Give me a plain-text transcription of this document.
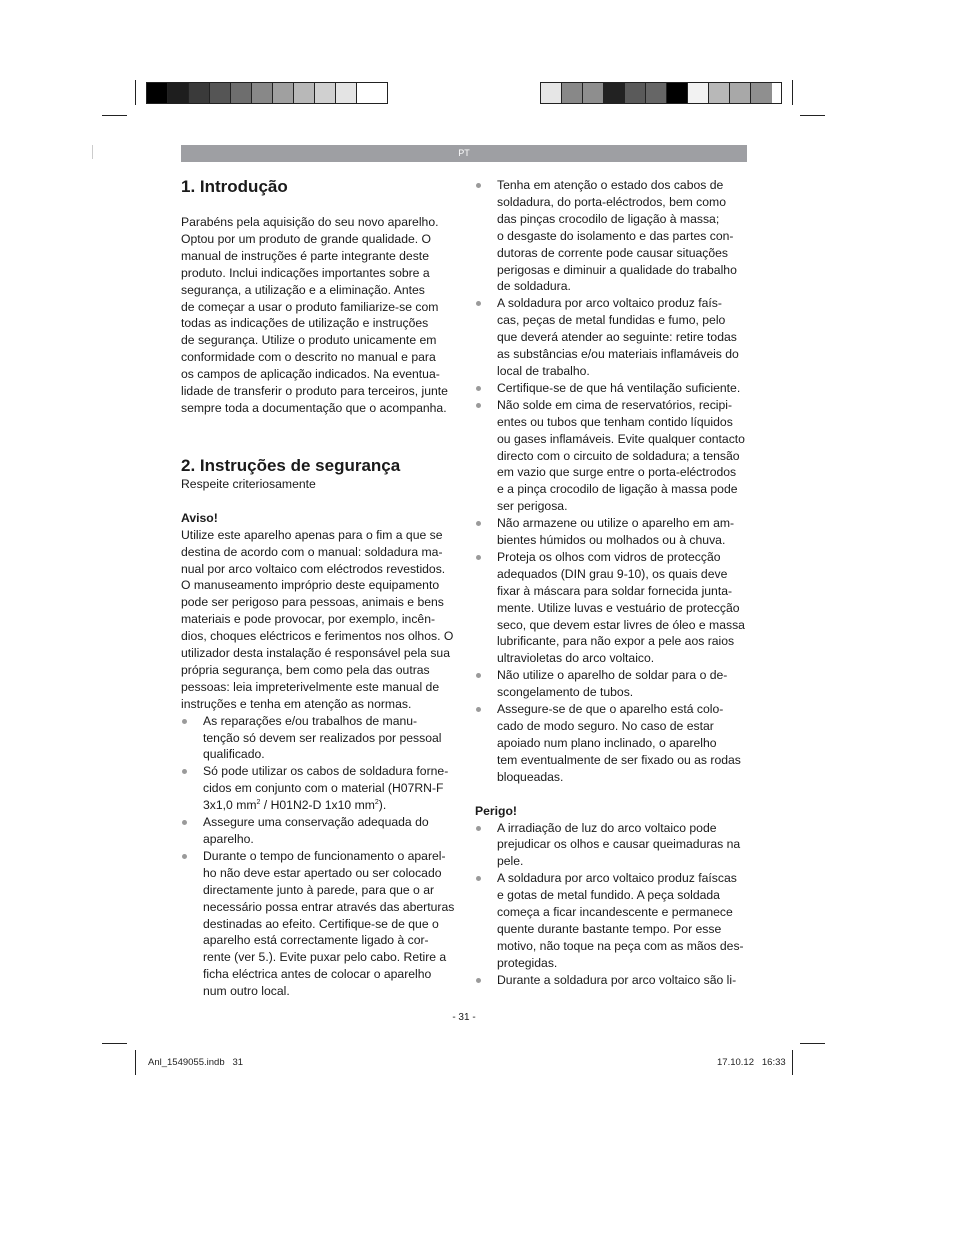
PT
1. Introdução

Parabéns pela aquisição do seu novo aparelho.
Optou por um produto de grande qualidade. O
manual de instruções é parte integrante deste
produto. Inclui indicações importantes sobre a
segurança, a utilização e a eliminação. Antes
de começar a usar o produto familiarize-se com
todas as indicações de utilização e instruções
de segurança. Utilize o produto unicamente em
conformidade com o descrito no manual e para
os campos de aplicação indicados. Na eventua-
lidade de transferir o produto para terceiros, junte
sempre toda a documentação que o acompanha.

2. Instruções de segurança

Respeite criteriosamente

Aviso!

Utilize este aparelho apenas para o fim a que se
destina de acordo com o manual: soldadura ma-
nual por arco voltaico com eléctrodos revestidos.
O manuseamento impróprio deste equipamento
pode ser perigoso para pessoas, animais e bens
materiais e pode provocar, por exemplo, incên-
dios, choques eléctricos e ferimentos nos olhos. O
utilizador desta instalação é responsável pela sua
própria segurança, bem como pela das outras
pessoas: leia impreterivelmente este manual de
instruções e tenha em atenção as normas.

As reparações e/ou trabalhos de manu-
tenção só devem ser realizados por pessoal
qualificado.
Só pode utilizar os cabos de soldadura forne-
cidos em conjunto com o material (H07RN-F
3x1,0 $mm^2 / H01N2-D$ 1x10 $mm^2$).
Assegure uma conservação adequada do
aparelho.
Durante o tempo de funcionamento o aparel-
ho não deve estar apertado ou ser colocado
directamente junto à parede, para que o ar
necessário possa entrar através das aberturas
destinadas ao efeito. Certifique-se de que o
aparelho está correctamente ligado à cor-
rente (ver 5.). Evite puxar pelo cabo. Retire a
ficha eléctrica antes de colocar o aparelho
num outro local.
Tenha em atenção o estado dos cabos de
soldadura, do porta-eléctrodos, bem como
das pinças crocodilo de ligação à massa;
o desgaste do isolamento e das partes con-
dutoras de corrente pode causar situações
perigosas e diminuir a qualidade do trabalho
de soldadura.
A soldadura por arco voltaico produz faís-
cas, peças de metal fundidas e fumo, pelo
que deverá atender ao seguinte: retire todas
as substâncias e/ou materiais inflamáveis do
local de trabalho.
Certifique-se de que há ventilação suficiente.
Não solde em cima de reservatórios, recipi-
entes ou tubos que tenham contido líquidos
ou gases inflamáveis. Evite qualquer contacto
directo com o circuito de soldadura; a tensão
em vazio que surge entre o porta-eléctrodos
e a pinça crocodilo de ligação à massa pode
ser perigosa.
Não armazene ou utilize o aparelho em am-
bientes húmidos ou molhados ou à chuva.
Proteja os olhos com vidros de protecção
adequados (DIN grau 9-10), os quais deve
fixar à máscara para soldar fornecida junta-
mente. Utilize luvas e vestuário de protecção
seco, que devem estar livres de óleo e massa
lubrificante, para não expor a pele aos raios
ultravioletas do arco voltaico.
Não utilize o aparelho de soldar para o de-
scongelamento de tubos.
Assegure-se de que o aparelho está colo-
cado de modo seguro. No caso de estar
apoiado num plano inclinado, o aparelho
tem eventualmente de ser fixado ou as rodas
bloqueadas.

Perigo!

A irradiação de luz do arco voltaico pode
prejudicar os olhos e causar queimaduras na
pele.
A soldadura por arco voltaico produz faíscas
e gotas de metal fundido. A peça soldada
começa a ficar incandescente e permanece
quente durante bastante tempo. Por esse
motivo, não toque na peça com as mãos des-
protegidas.
Durante a soldadura por arco voltaico são li-
- 31 -
Anl_1549055.indb   31	17.10.12   16:33
